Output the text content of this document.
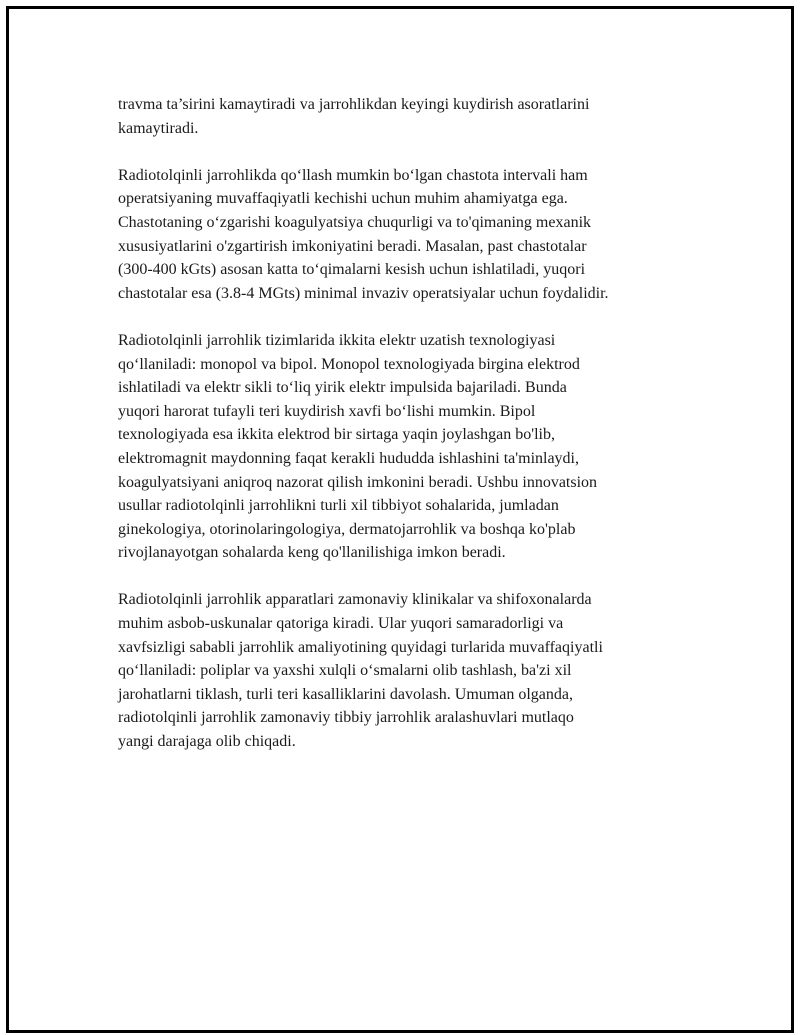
travma ta’sirini kamaytiradi va jarrohlikdan keyingi kuydirish asoratlarini
kamaytiradi.

Radiotolqinli jarrohlikda qoʻllash mumkin boʻlgan chastota intervali ham
operatsiyaning muvaffaqiyatli kechishi uchun muhim ahamiyatga ega.
Chastotaning oʻzgarishi koagulyatsiya chuqurligi va to'qimaning mexanik
xususiyatlarini o'zgartirish imkoniyatini beradi. Masalan, past chastotalar
(300-400 kGts) asosan katta toʻqimalarni kesish uchun ishlatiladi, yuqori
chastotalar esa (3.8-4 MGts) minimal invaziv operatsiyalar uchun foydalidir.

Radiotolqinli jarrohlik tizimlarida ikkita elektr uzatish texnologiyasi
qoʻllaniladi: monopol va bipol. Monopol texnologiyada birgina elektrod
ishlatiladi va elektr sikli toʻliq yirik elektr impulsida bajariladi. Bunda
yuqori harorat tufayli teri kuydirish xavfi boʻlishi mumkin. Bipol
texnologiyada esa ikkita elektrod bir sirtaga yaqin joylashgan bo'lib,
elektromagnit maydonning faqat kerakli hududda ishlashini ta'minlaydi,
koagulyatsiyani aniqroq nazorat qilish imkonini beradi. Ushbu innovatsion
usullar radiotolqinli jarrohlikni turli xil tibbiyot sohalarida, jumladan
ginekologiya, otorinolaringologiya, dermatojarrohlik va boshqa ko'plab
rivojlanayotgan sohalarda keng qo'llanilishiga imkon beradi.

Radiotolqinli jarrohlik apparatlari zamonaviy klinikalar va shifoxonalarda
muhim asbob-uskunalar qatoriga kiradi. Ular yuqori samaradorligi va
xavfsizligi sababli jarrohlik amaliyotining quyidagi turlarida muvaffaqiyatli
qoʻllaniladi: poliplar va yaxshi xulqli oʻsmalarni olib tashlash, ba'zi xil
jarohatlarni tiklash, turli teri kasalliklarini davolash. Umuman olganda,
radiotolqinli jarrohlik zamonaviy tibbiy jarrohlik aralashuvlari mutlaqo
yangi darajaga olib chiqadi.
